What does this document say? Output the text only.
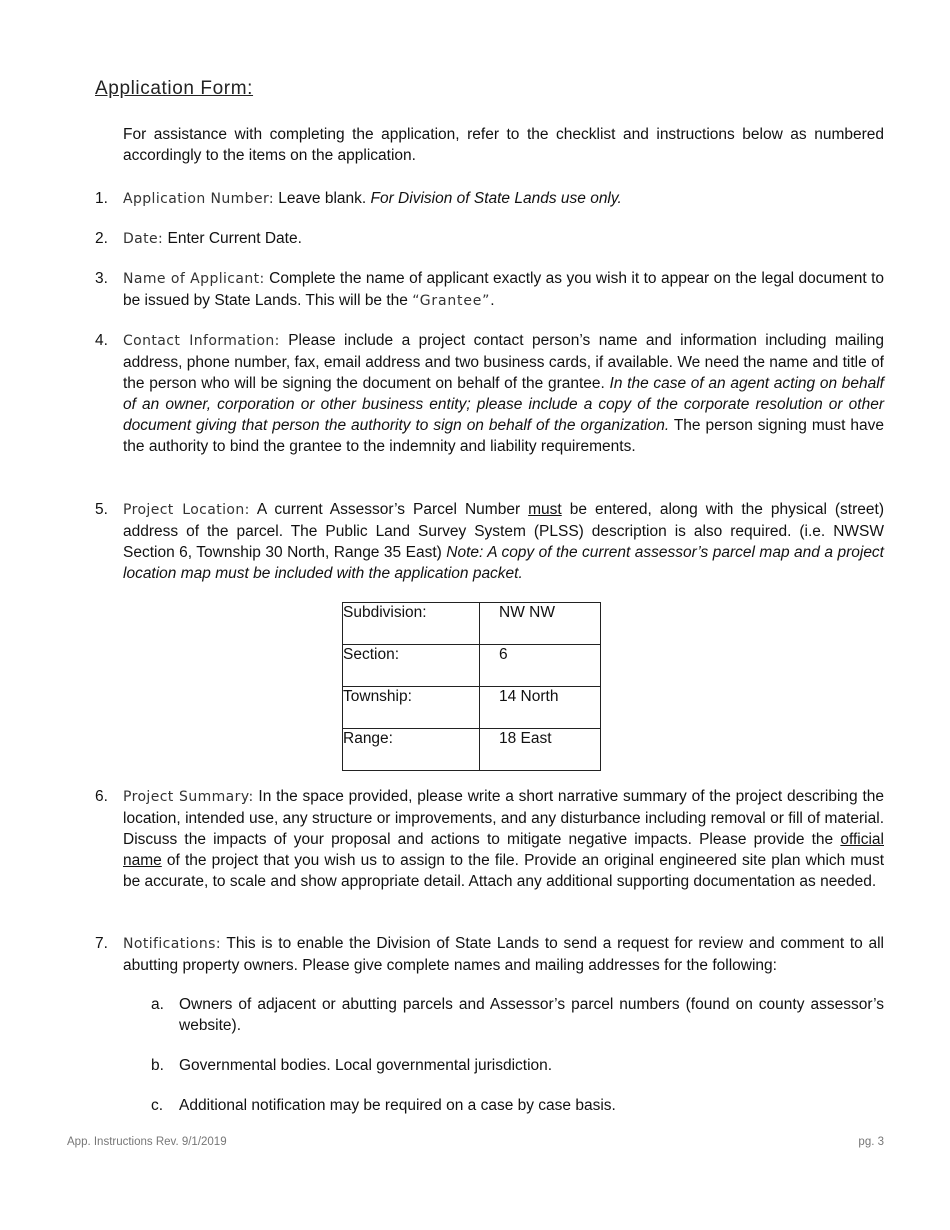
Application Form:

For assistance with completing the application, refer to the checklist and instructions below as numbered accordingly to the items on the application.

1.	Application Number: Leave blank. For Division of State Lands use only.
2.	Date: Enter Current Date.
3.	Name of Applicant: Complete the name of applicant exactly as you wish it to appear on the legal document to be issued by State Lands. This will be the “Grantee”.
4.	Contact Information: Please include a project contact person’s name and information including mailing address, phone number, fax, email address and two business cards, if available. We need the name and title of the person who will be signing the document on behalf of the grantee. In the case of an agent acting on behalf of an owner, corporation or other business entity; please include a copy of the corporate resolution or other document giving that person the authority to sign on behalf of the organization. The person signing must have the authority to bind the grantee to the indemnity and liability requirements.
5.	Project Location: A current Assessor’s Parcel Number must be entered, along with the physical (street) address of the parcel. The Public Land Survey System (PLSS) description is also required. (i.e. NWSW Section 6, Township 30 North, Range 35 East) Note: A copy of the current assessor’s parcel map and a project location map must be included with the application packet.
Subdivision:	NW NW
Section:	6
Township:	14 North
Range:	18 East
6.	Project Summary: In the space provided, please write a short narrative summary of the project describing the location, intended use, any structure or improvements, and any disturbance including removal or fill of material. Discuss the impacts of your proposal and actions to mitigate negative impacts. Please provide the official name of the project that you wish us to assign to the file. Provide an original engineered site plan which must be accurate, to scale and show appropriate detail. Attach any additional supporting documentation as needed.
7.	Notifications: This is to enable the Division of State Lands to send a request for review and comment to all abutting property owners. Please give complete names and mailing addresses for the following:
a. Owners of adjacent or abutting parcels and Assessor’s parcel numbers (found on county assessor’s website).
b. Governmental bodies. Local governmental jurisdiction.
c.	Additional notification may be required on a case by case basis.
App. Instructions Rev. 9/1/2019	pg. 3
